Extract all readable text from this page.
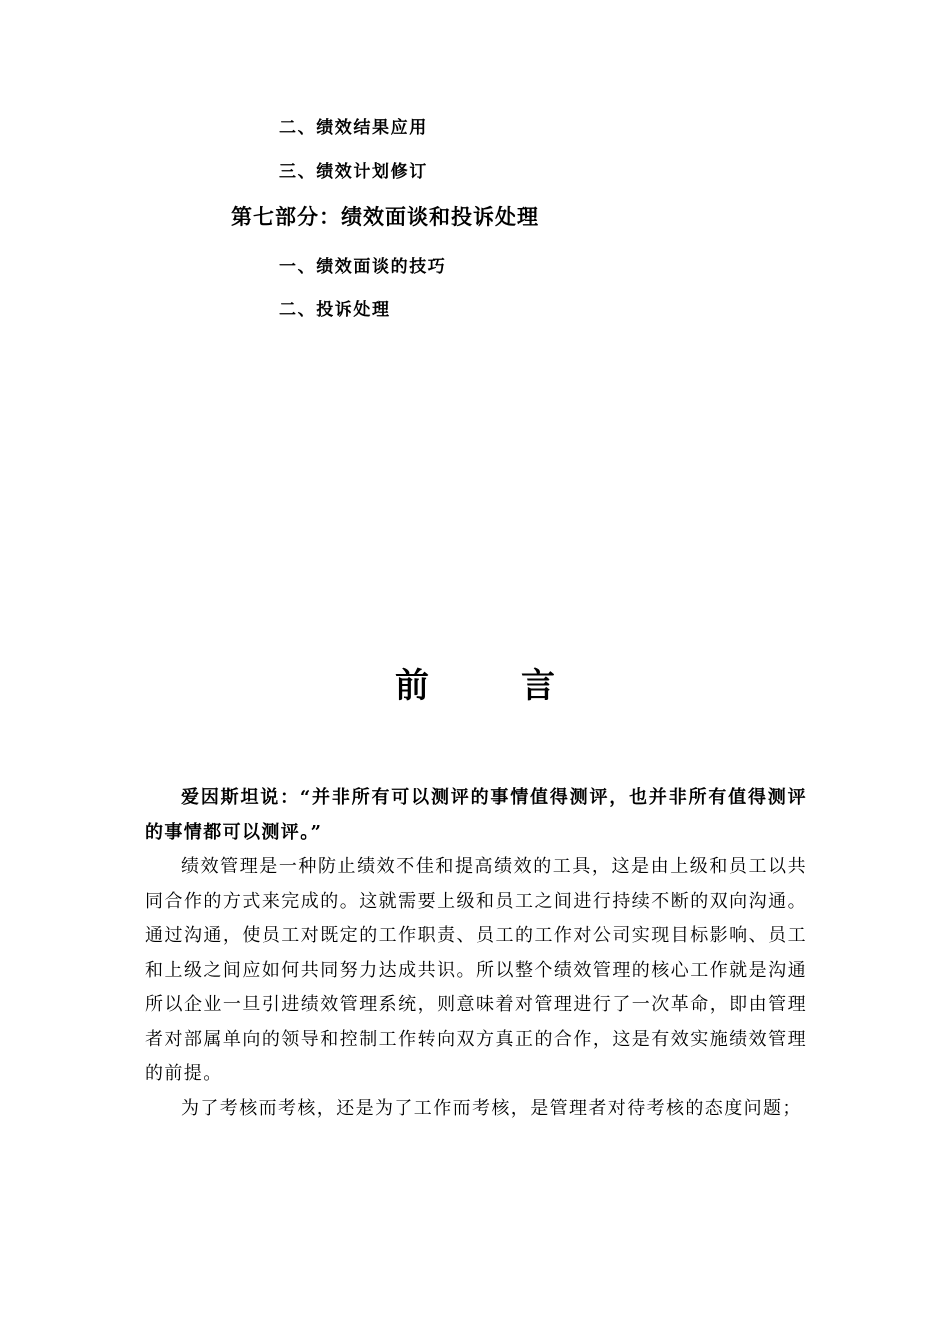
二、绩效结果应用
三、绩效计划修订
第七部分：绩效面谈和投诉处理
一、绩效面谈的技巧
二、投诉处理
前	言

爱因斯坦说：“并非所有可以测评的事情值得测评，也并非所有值得测评的事情都可以测评。”

绩效管理是一种防止绩效不佳和提高绩效的工具，这是由上级和员工以共同合作的方式来完成的。这就需要上级和员工之间进行持续不断的双向沟通。通过沟通，使员工对既定的工作职责、员工的工作对公司实现目标影响、员工和上级之间应如何共同努力达成共识。所以整个绩效管理的核心工作就是沟通所以企业一旦引进绩效管理系统，则意味着对管理进行了一次革命，即由管理者对部属单向的领导和控制工作转向双方真正的合作，这是有效实施绩效管理的前提。

为了考核而考核，还是为了工作而考核，是管理者对待考核的态度问题；
